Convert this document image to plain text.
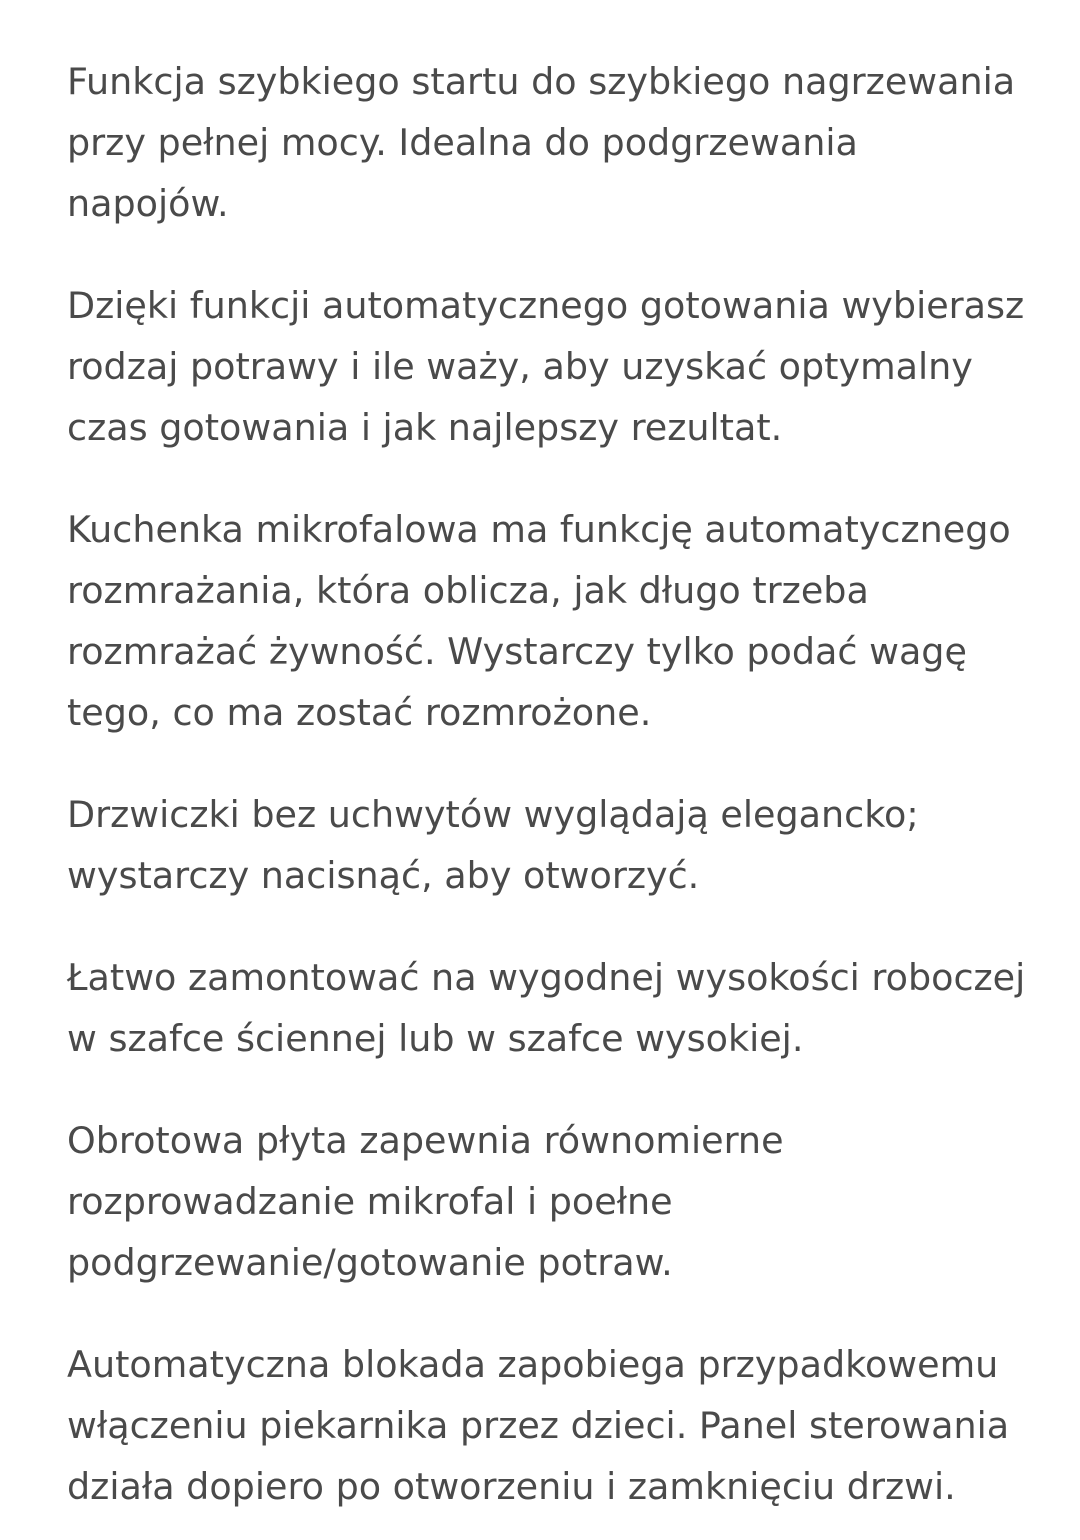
Funkcja szybkiego startu do szybkiego nagrzewania
przy pełnej mocy. Idealna do podgrzewania
napojów.

Dzięki funkcji automatycznego gotowania wybierasz
rodzaj potrawy i ile waży, aby uzyskać optymalny
czas gotowania i jak najlepszy rezultat.

Kuchenka mikrofalowa ma funkcję automatycznego
rozmrażania, która oblicza, jak długo trzeba
rozmrażać żywność. Wystarczy tylko podać wagę
tego, co ma zostać rozmrożone.

Drzwiczki bez uchwytów wyglądają elegancko;
wystarczy nacisnąć, aby otworzyć.

Łatwo zamontować na wygodnej wysokości roboczej
w szafce ściennej lub w szafce wysokiej.

Obrotowa płyta zapewnia równomierne
rozprowadzanie mikrofal i poełne
podgrzewanie/gotowanie potraw.

Automatyczna blokada zapobiega przypadkowemu
włączeniu piekarnika przez dzieci. Panel sterowania
działa dopiero po otworzeniu i zamknięciu drzwi.
